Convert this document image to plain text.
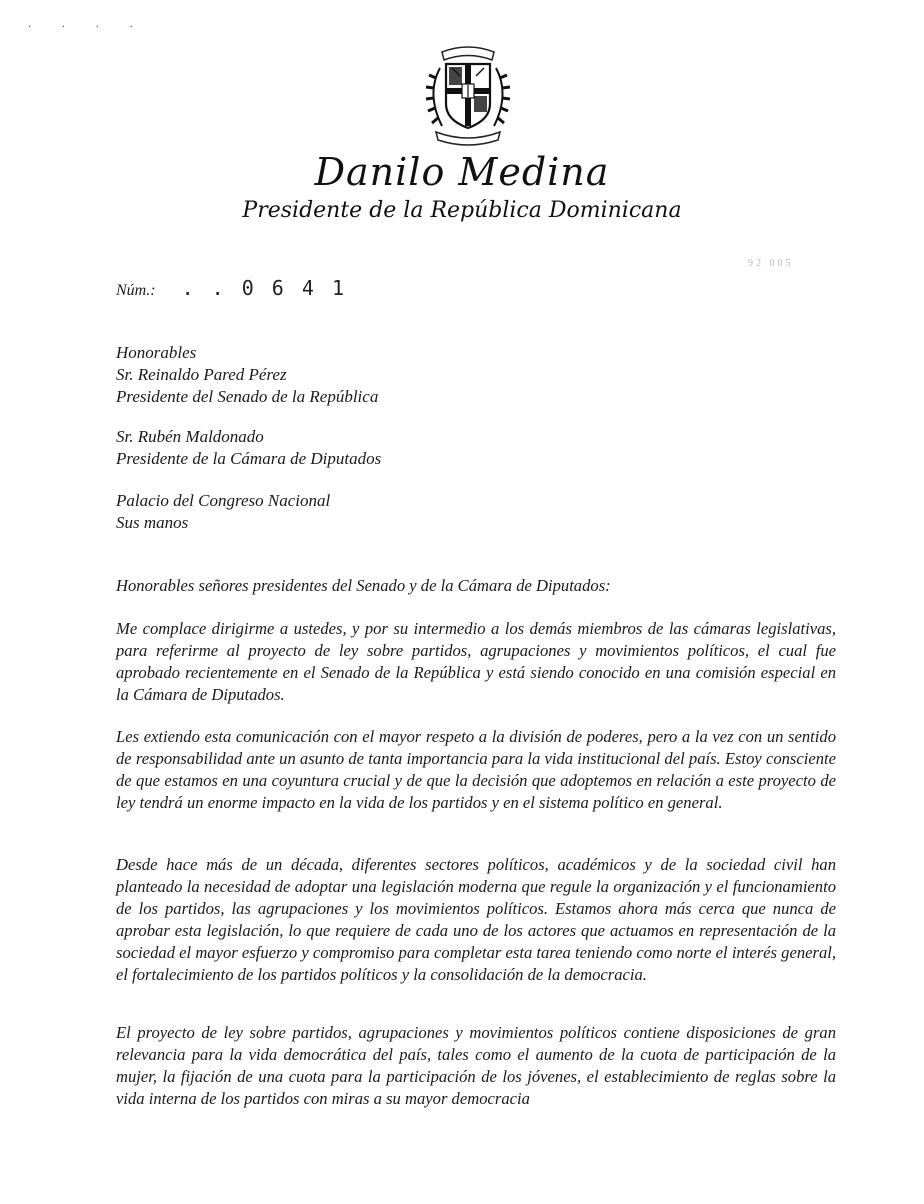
· · · ·
Danilo Medina
Presidente de la República Dominicana
92 005
Núm.: . . 0 6 4 1
Honorables
Sr. Reinaldo Pared Pérez
Presidente del Senado de la República
Sr. Rubén Maldonado
Presidente de la Cámara de Diputados
Palacio del Congreso Nacional
Sus manos
Honorables señores presidentes del Senado y de la Cámara de Diputados:

Me complace dirigirme a ustedes, y por su intermedio a los demás miembros de las cámaras legislativas, para referirme al proyecto de ley sobre partidos, agrupaciones y movimientos políticos, el cual fue aprobado recientemente en el Senado de la República y está siendo conocido en una comisión especial en la Cámara de Diputados.

Les extiendo esta comunicación con el mayor respeto a la división de poderes, pero a la vez con un sentido de responsabilidad ante un asunto de tanta importancia para la vida institucional del país. Estoy consciente de que estamos en una coyuntura crucial y de que la decisión que adoptemos en relación a este proyecto de ley tendrá un enorme impacto en la vida de los partidos y en el sistema político en general.

Desde hace más de un década, diferentes sectores políticos, académicos y de la sociedad civil han planteado la necesidad de adoptar una legislación moderna que regule la organización y el funcionamiento de los partidos, las agrupaciones y los movimientos políticos. Estamos ahora más cerca que nunca de aprobar esta legislación, lo que requiere de cada uno de los actores que actuamos en representación de la sociedad el mayor esfuerzo y compromiso para completar esta tarea teniendo como norte el interés general, el fortalecimiento de los partidos políticos y la consolidación de la democracia.

El proyecto de ley sobre partidos, agrupaciones y movimientos políticos contiene disposiciones de gran relevancia para la vida democrática del país, tales como el aumento de la cuota de participación de la mujer, la fijación de una cuota para la participación de los jóvenes, el establecimiento de reglas sobre la vida interna de los partidos con miras a su mayor democracia
